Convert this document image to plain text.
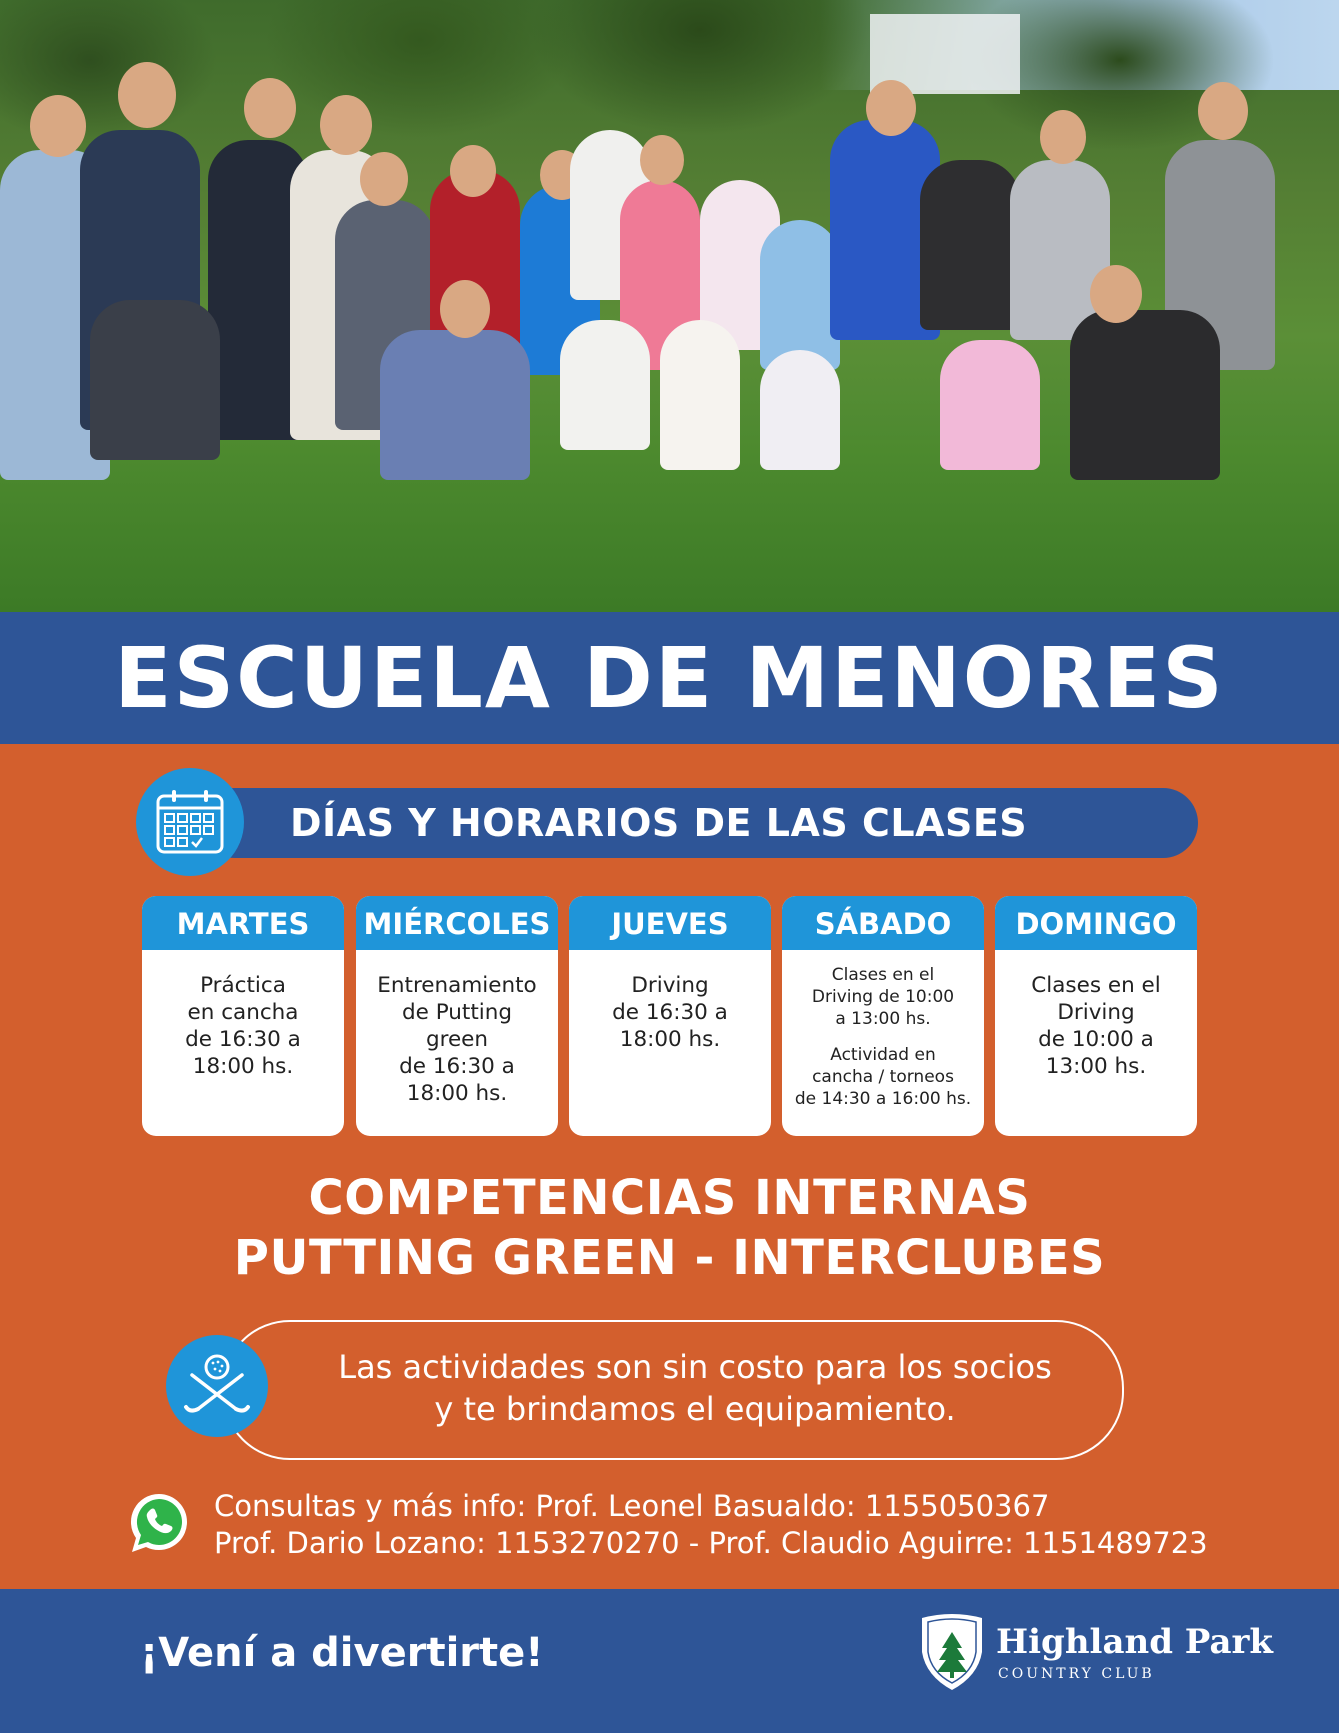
ESCUELA DE MENORES
DÍAS Y HORARIOS DE LAS CLASES
MARTES

Práctica

en cancha

de 16:30 a

18:00 hs.

MIÉRCOLES

Entrenamiento

de Putting

green

de 16:30 a

18:00 hs.

JUEVES

Driving

de 16:30 a

18:00 hs.

SÁBADO

Clases en el
Driving de 10:00
a 13:00 hs.

Actividad en
cancha / torneos
de 14:30 a 16:00 hs.

DOMINGO

Clases en el

Driving

de 10:00 a

13:00 hs.

COMPETENCIAS INTERNAS
PUTTING GREEN - INTERCLUBES
Las actividades son sin costo para los socios
y te brindamos el equipamiento.
Consultas y más info: Prof. Leonel Basualdo: 1155050367
Prof. Dario Lozano: 1153270270 - Prof. Claudio Aguirre: 1151489723
¡Vení a divertirte!	Highland Park
COUNTRY CLUB
